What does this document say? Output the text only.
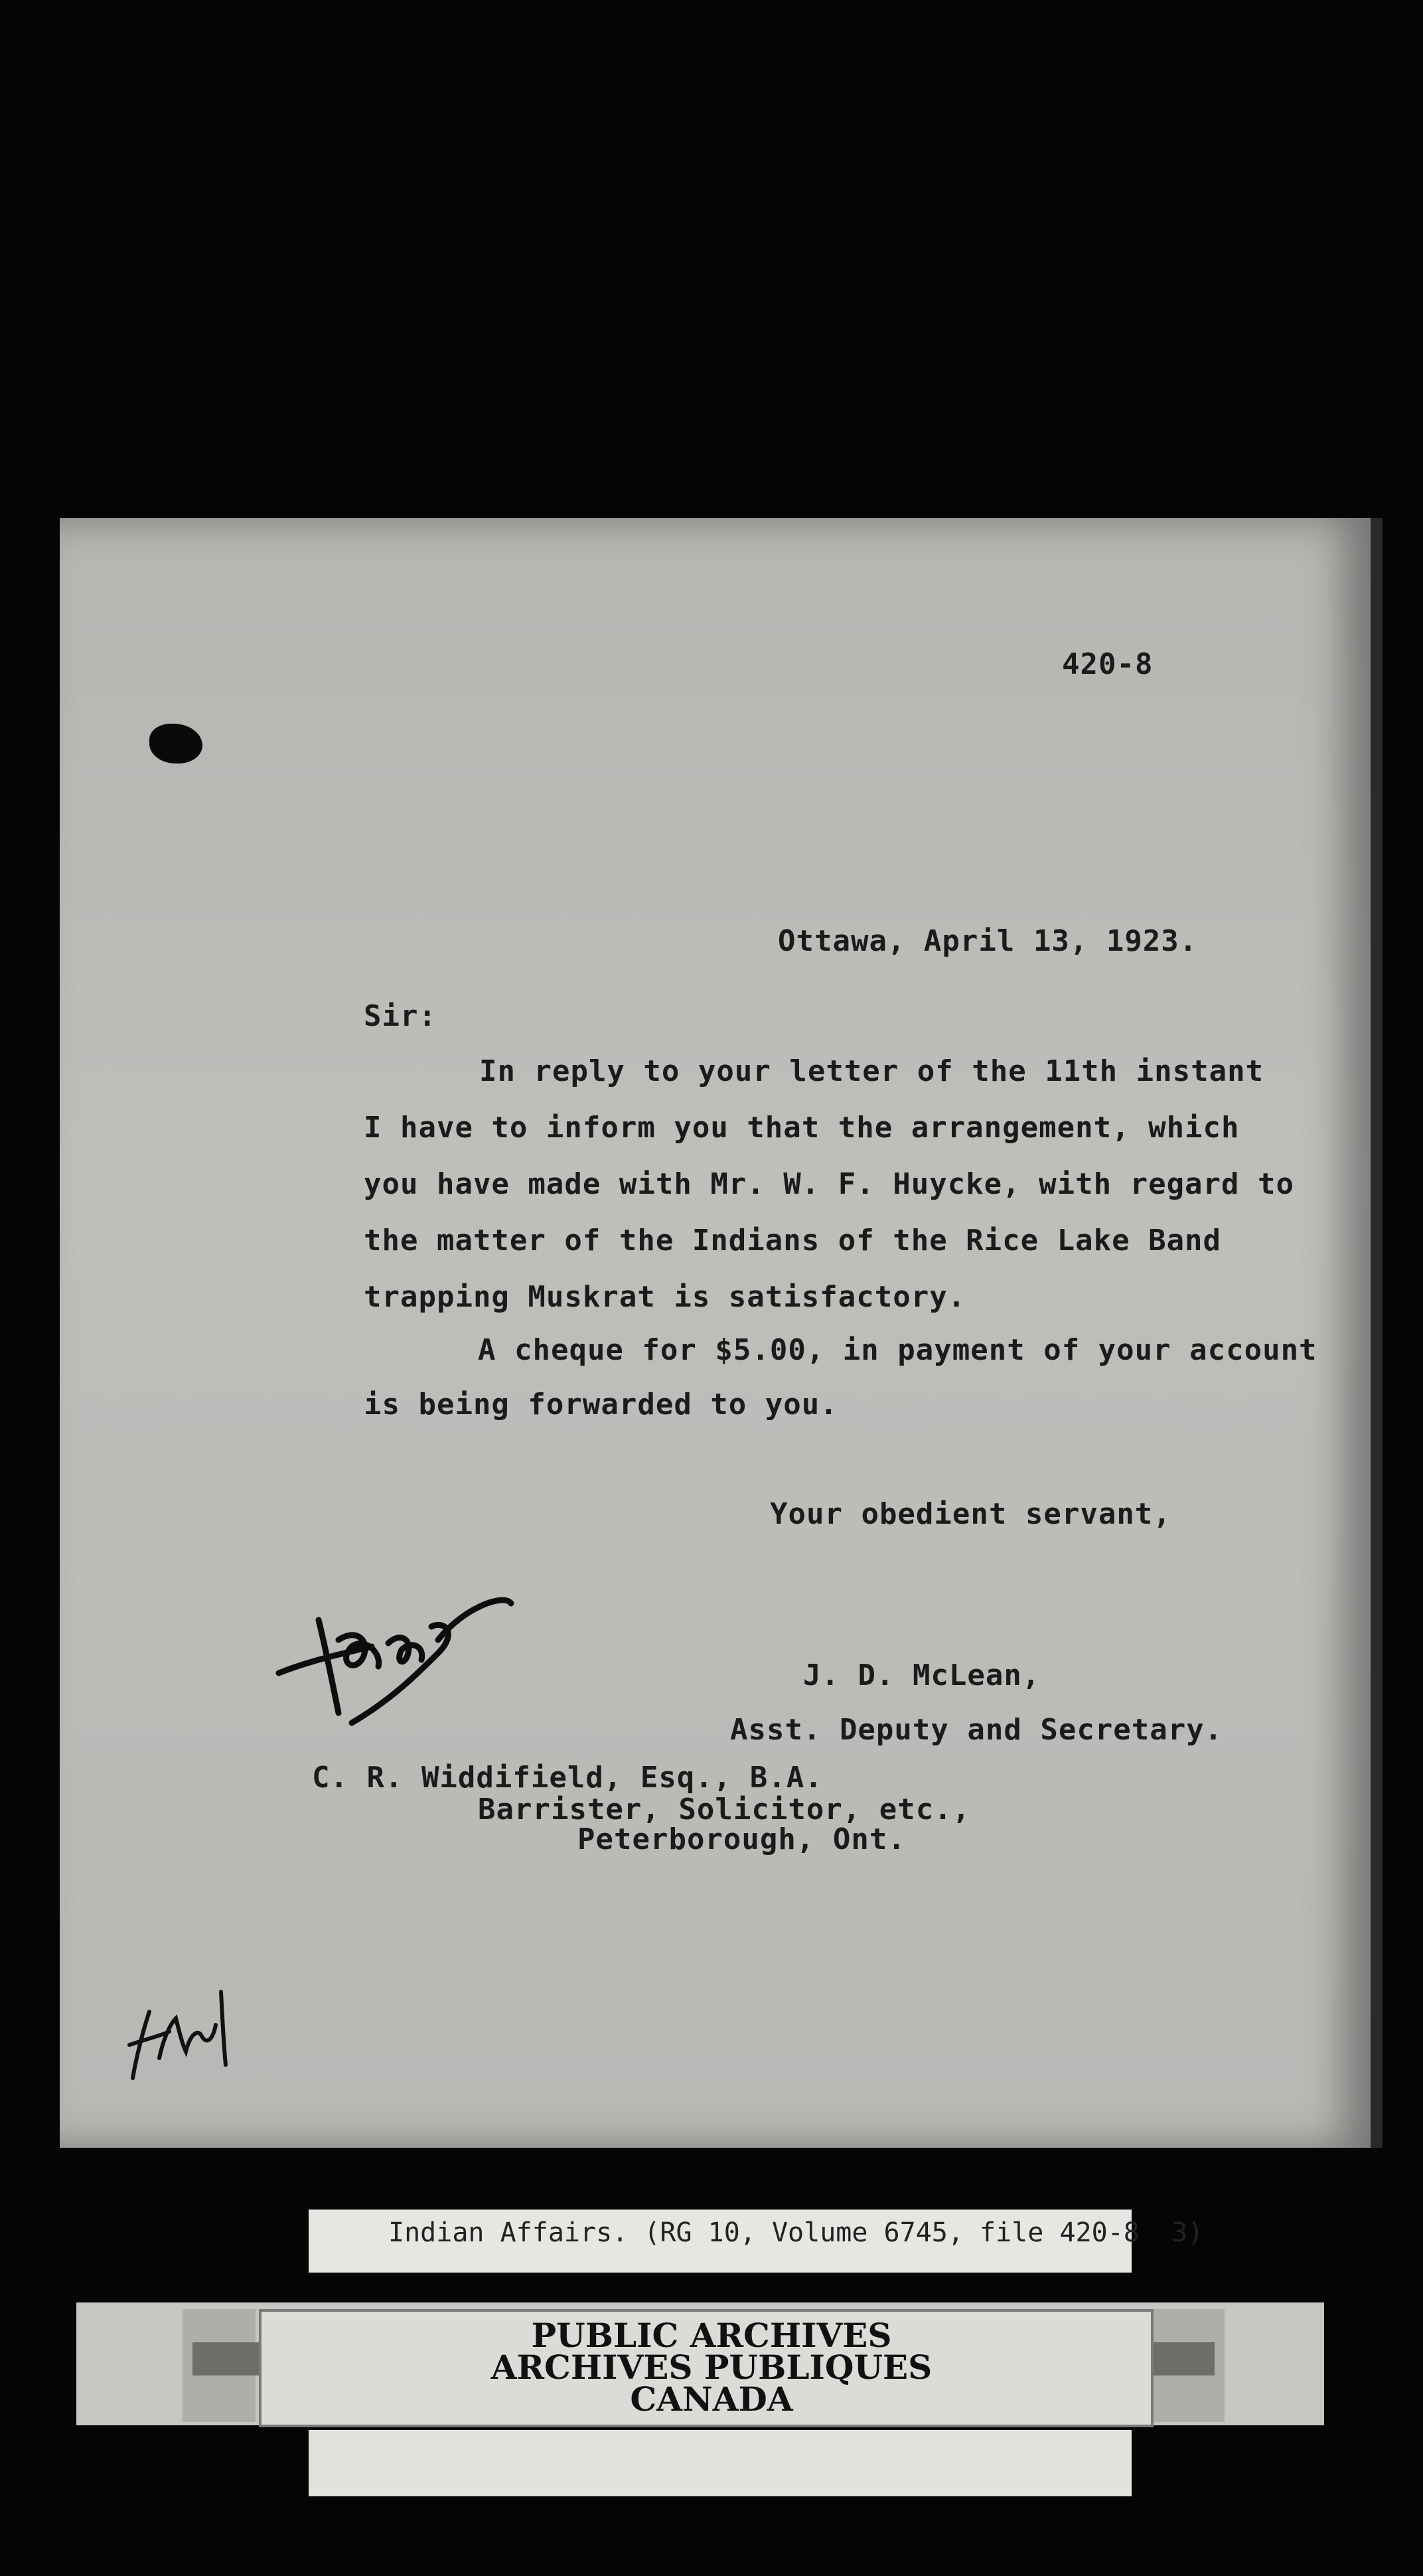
420-8
Ottawa, April 13, 1923.
Sir:
In reply to your letter of the 11th instant
I have to inform you that the arrangement, which
you have made with Mr. W. F. Huycke, with regard to
the matter of the Indians of the Rice Lake Band
trapping Muskrat is satisfactory.
A cheque for $5.00, in payment of your account
is being forwarded to you.
Your obedient servant,
J. D. McLean,
Asst. Deputy and Secretary.
C. R. Widdifield, Esq., B.A.
Barrister, Solicitor, etc.,
Peterborough, Ont.
Indian Affairs. (RG 10, Volume 6745, file 420-8  3)
PUBLIC ARCHIVES
ARCHIVES PUBLIQUES
CANADA
